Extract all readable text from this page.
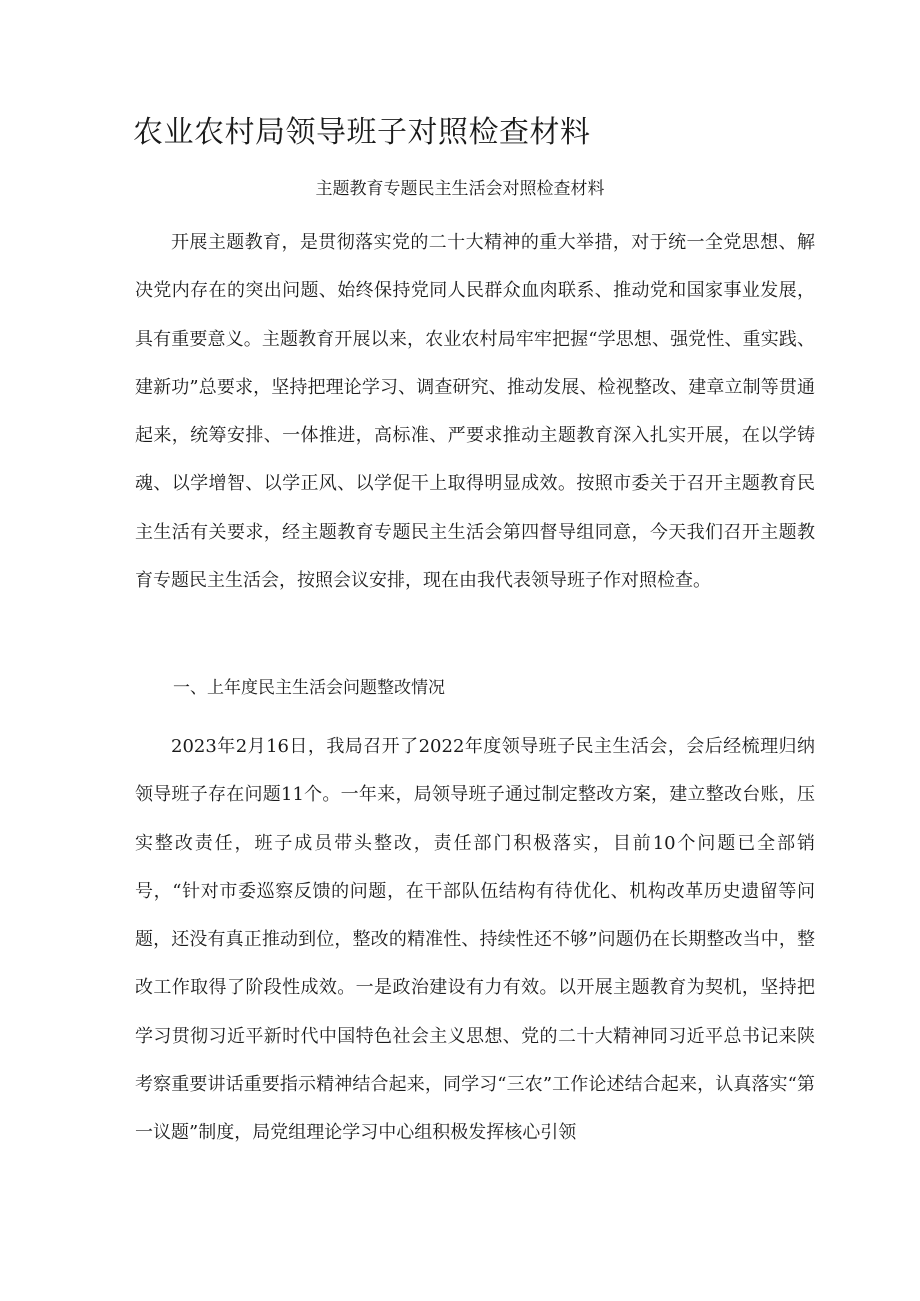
农业农村局领导班子对照检查材料

主题教育专题民主生活会对照检查材料

开展主题教育，是贯彻落实党的二十大精神的重大举措，对于统一全党思想、解决党内存在的突出问题、始终保持党同人民群众血肉联系、推动党和国家事业发展，具有重要意义。主题教育开展以来，农业农村局牢牢把握“学思想、强党性、重实践、建新功”总要求，坚持把理论学习、调查研究、推动发展、检视整改、建章立制等贯通起来，统筹安排、一体推进，高标准、严要求推动主题教育深入扎实开展，在以学铸魂、以学增智、以学正风、以学促干上取得明显成效。按照市委关于召开主题教育民主生活有关要求，经主题教育专题民主生活会第四督导组同意，今天我们召开主题教育专题民主生活会，按照会议安排，现在由我代表领导班子作对照检查。

一、上年度民主生活会问题整改情况

2023年2月16日，我局召开了2022年度领导班子民主生活会，会后经梳理归纳领导班子存在问题11个。一年来，局领导班子通过制定整改方案，建立整改台账，压实整改责任，班子成员带头整改，责任部门积极落实，目前10个问题已全部销号，“针对市委巡察反馈的问题，在干部队伍结构有待优化、机构改革历史遗留等问题，还没有真正推动到位，整改的精准性、持续性还不够”问题仍在长期整改当中，整改工作取得了阶段性成效。一是政治建设有力有效。以开展主题教育为契机，坚持把学习贯彻习近平新时代中国特色社会主义思想、党的二十大精神同习近平总书记来陕考察重要讲话重要指示精神结合起来，同学习“三农”工作论述结合起来，认真落实“第一议题”制度，局党组理论学习中心组积极发挥核心引领
